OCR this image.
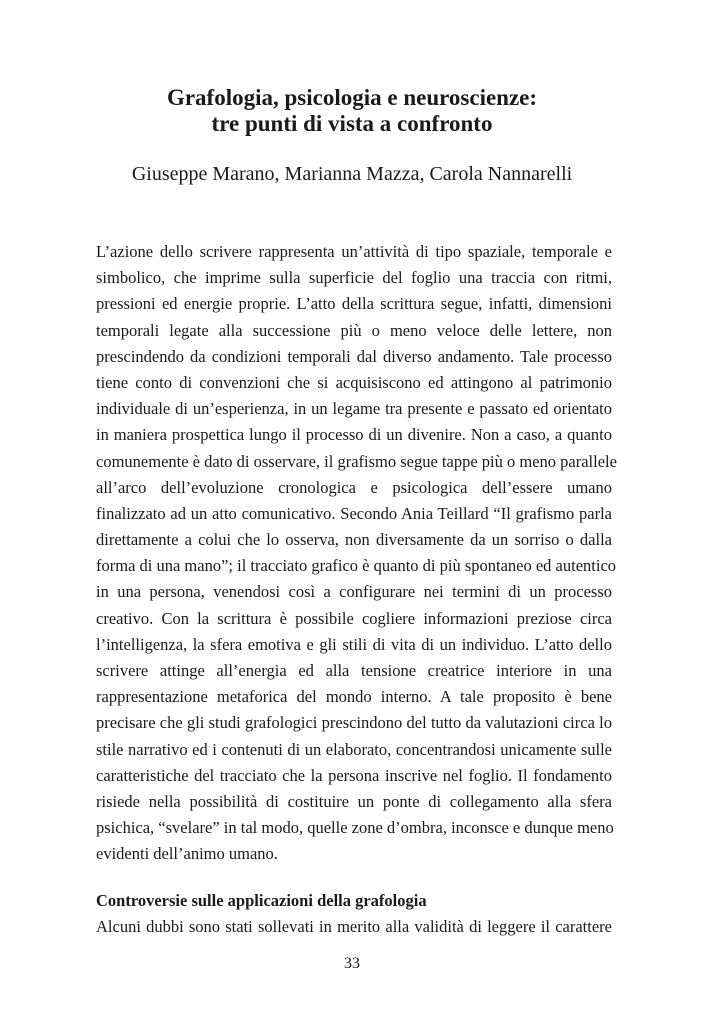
Grafologia, psicologia e neuroscienze:
tre punti di vista a confronto

Giuseppe Marano, Marianna Mazza, Carola Nannarelli

L’azione dello scrivere rappresenta un’attività di tipo spaziale, temporale e
simbolico, che imprime sulla superficie del foglio una traccia con ritmi,
pressioni ed energie proprie. L’atto della scrittura segue, infatti, dimensioni
temporali legate alla successione più o meno veloce delle lettere, non
prescindendo da condizioni temporali dal diverso andamento. Tale processo
tiene conto di convenzioni che si acquisiscono ed attingono al patrimonio
individuale di un’esperienza, in un legame tra presente e passato ed orientato
in maniera prospettica lungo il processo di un divenire. Non a caso, a quanto
comunemente è dato di osservare, il grafismo segue tappe più o meno parallele
all’arco dell’evoluzione cronologica e psicologica dell’essere umano
finalizzato ad un atto comunicativo. Secondo Ania Teillard “Il grafismo parla
direttamente a colui che lo osserva, non diversamente da un sorriso o dalla
forma di una mano”; il tracciato grafico è quanto di più spontaneo ed autentico
in una persona, venendosi così a configurare nei termini di un processo
creativo. Con la scrittura è possibile cogliere informazioni preziose circa
l’intelligenza, la sfera emotiva e gli stili di vita di un individuo. L’atto dello
scrivere attinge all’energia ed alla tensione creatrice interiore in una
rappresentazione metaforica del mondo interno. A tale proposito è bene
precisare che gli studi grafologici prescindono del tutto da valutazioni circa lo
stile narrativo ed i contenuti di un elaborato, concentrandosi unicamente sulle
caratteristiche del tracciato che la persona inscrive nel foglio. Il fondamento
risiede nella possibilità di costituire un ponte di collegamento alla sfera
psichica, “svelare” in tal modo, quelle zone d’ombra, inconsce e dunque meno
evidenti dell’animo umano.
Controversie sulle applicazioni della grafologia
Alcuni dubbi sono stati sollevati in merito alla validità di leggere il carattere
33
